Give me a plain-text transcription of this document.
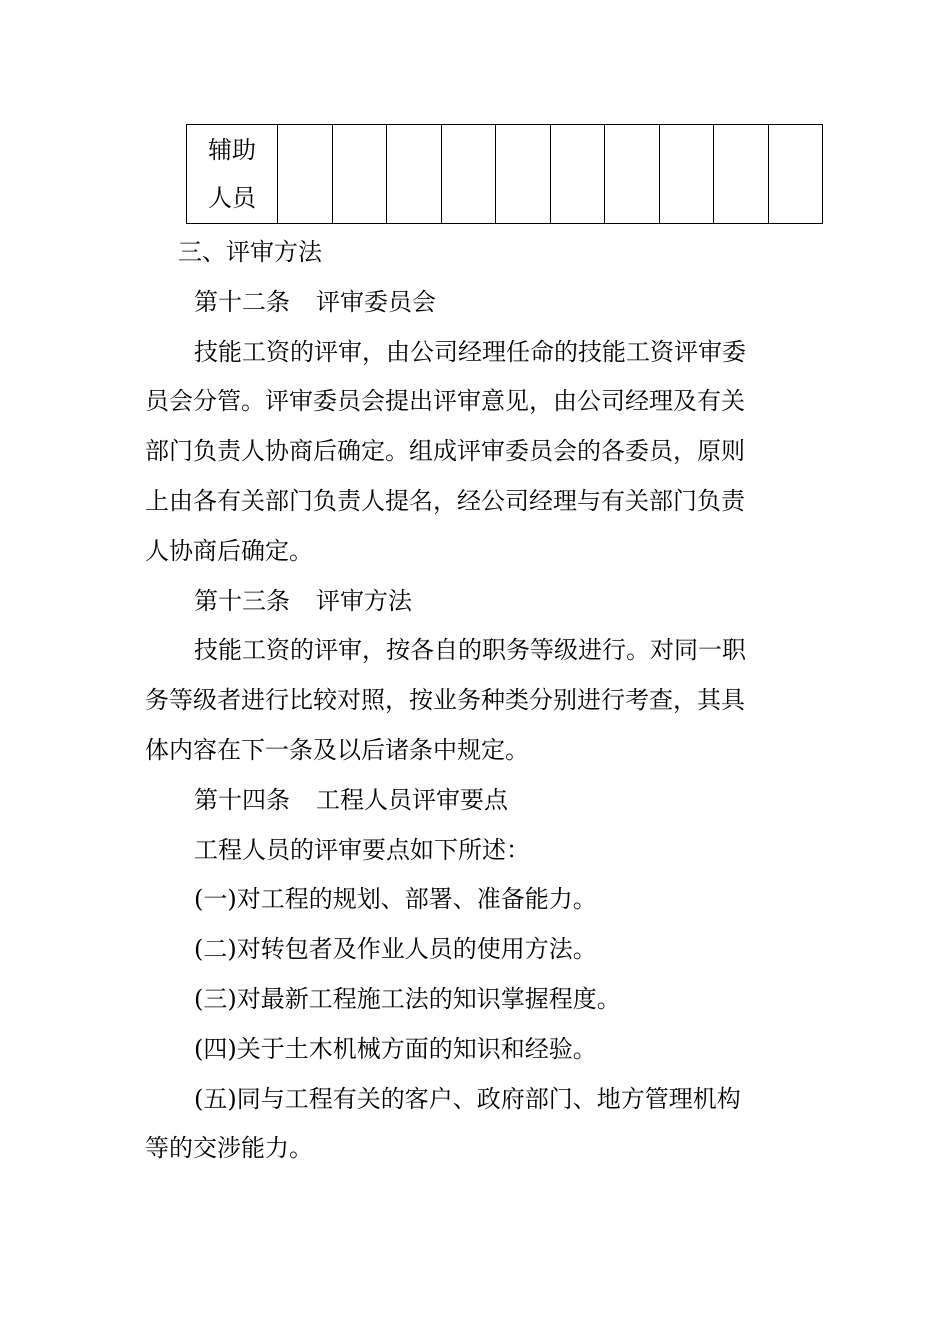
辅助
人员

三、评审方法
第十二条 评审委员会
技能工资的评审，由公司经理任命的技能工资评审委
员会分管。评审委员会提出评审意见，由公司经理及有关
部门负责人协商后确定。组成评审委员会的各委员，原则
上由各有关部门负责人提名，经公司经理与有关部门负责
人协商后确定。
第十三条 评审方法
技能工资的评审，按各自的职务等级进行。对同一职
务等级者进行比较对照，按业务种类分别进行考查，其具
体内容在下一条及以后诸条中规定。
第十四条 工程人员评审要点
工程人员的评审要点如下所述：
(一)对工程的规划、部署、准备能力。
(二)对转包者及作业人员的使用方法。
(三)对最新工程施工法的知识掌握程度。
(四)关于土木机械方面的知识和经验。
(五)同与工程有关的客户、政府部门、地方管理机构
等的交涉能力。
